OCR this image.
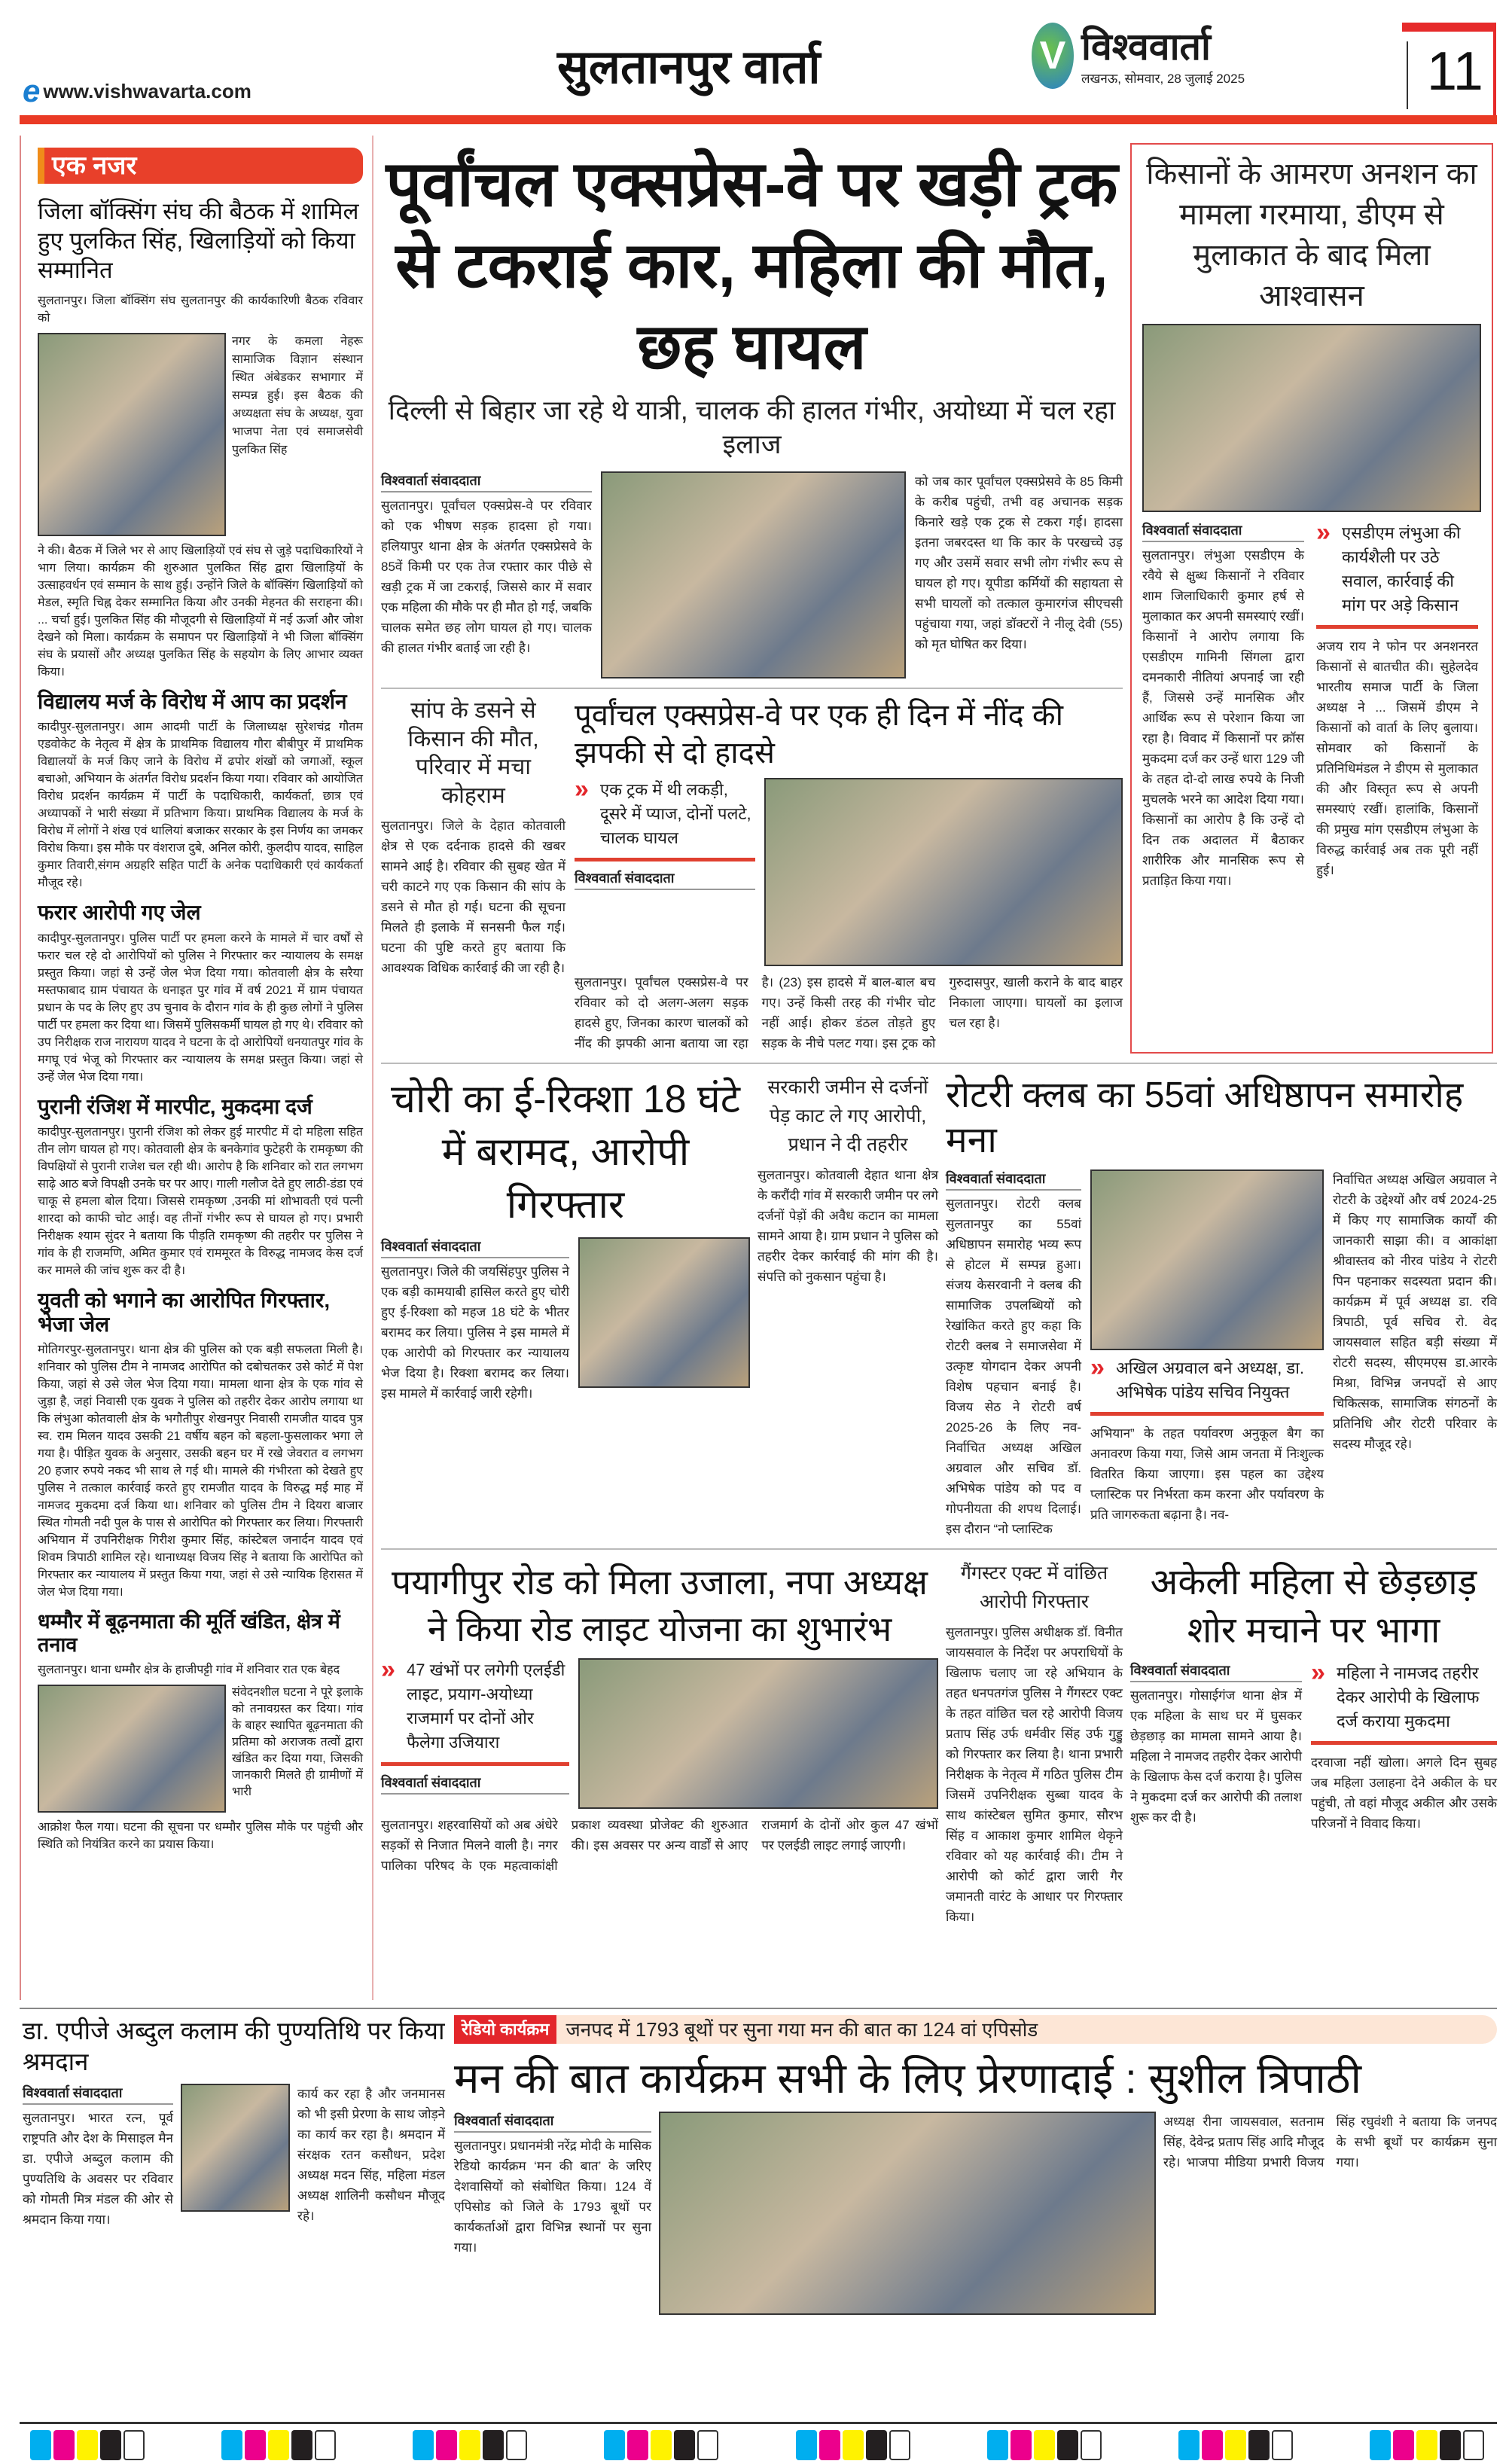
e www.vishwavarta.com	सुलतानपुर वार्ता	V विश्ववार्ता
लखनऊ, सोमवार, 28 जुलाई 2025	11
एक नजर
जिला बॉक्सिंग संघ की बैठक में शामिल हुए पुलकित सिंह, खिलाड़ियों को किया सम्मानित
सुलतानपुर। जिला बॉक्सिंग संघ सुलतानपुर की कार्यकारिणी बैठक रविवार को
नगर के कमला नेहरू सामाजिक विज्ञान संस्थान स्थित अंबेडकर सभागार में सम्पन्न हुई। इस बैठक की अध्यक्षता संघ के अध्यक्ष, युवा भाजपा नेता एवं समाजसेवी पुलकित सिंह
ने की। बैठक में जिले भर से आए खिलाड़ियों एवं संघ से जुड़े पदाधिकारियों ने भाग लिया। कार्यक्रम की शुरुआत पुलकित सिंह द्वारा खिलाड़ियों के उत्साहवर्धन एवं सम्मान के साथ हुई। उन्होंने जिले के बॉक्सिंग खिलाड़ियों को मेडल, स्मृति चिह्न देकर सम्मानित किया और उनकी मेहनत की सराहना की। ... चर्चा हुई। पुलकित सिंह की मौजूदगी से खिलाड़ियों में नई ऊर्जा और जोश देखने को मिला। कार्यक्रम के समापन पर खिलाड़ियों ने भी जिला बॉक्सिंग संघ के प्रयासों और अध्यक्ष पुलकित सिंह के सहयोग के लिए आभार व्यक्त किया।
विद्यालय मर्ज के विरोध में आप का प्रदर्शन
कादीपुर-सुलतानपुर। आम आदमी पार्टी के जिलाध्यक्ष सुरेशचंद्र गौतम एडवोकेट के नेतृत्व में क्षेत्र के प्राथमिक विद्यालय गौरा बीबीपुर में प्राथमिक विद्यालयों के मर्ज किए जाने के विरोध में ढपोर शंखों को जगाओं, स्कूल बचाओ, अभियान के अंतर्गत विरोध प्रदर्शन किया गया। रविवार को आयोजित विरोध प्रदर्शन कार्यक्रम में पार्टी के पदाधिकारी, कार्यकर्ता, छात्र एवं अध्यापकों ने भारी संख्या में प्रतिभाग किया। प्राथमिक विद्यालय के मर्ज के विरोध में लोगों ने शंख एवं थालियां बजाकर सरकार के इस निर्णय का जमकर विरोध किया। इस मौके पर वंशराज दुबे, अनिल कोरी, कुलदीप यादव, साहिल कुमार तिवारी,संगम अग्रहरि सहित पार्टी के अनेक पदाधिकारी एवं कार्यकर्ता मौजूद रहे।
फरार आरोपी गए जेल
कादीपुर-सुलतानपुर। पुलिस पार्टी पर हमला करने के मामले में चार वर्षों से फरार चल रहे दो आरोपियों को पुलिस ने गिरफ्तार कर न्यायालय के समक्ष प्रस्तुत किया। जहां से उन्हें जेल भेज दिया गया। कोतवाली क्षेत्र के सरैया मस्तफाबाद ग्राम पंचायत के धनाइत पुर गांव में वर्ष 2021 में ग्राम पंचायत प्रधान के पद के लिए हुए उप चुनाव के दौरान गांव के ही कुछ लोगों ने पुलिस पार्टी पर हमला कर दिया था। जिसमें पुलिसकर्मी घायल हो गए थे। रविवार को उप निरीक्षक राज नारायण यादव ने घटना के दो आरोपियों धनयातपुर गांव के मगघू एवं भेजू को गिरफ्तार कर न्यायालय के समक्ष प्रस्तुत किया। जहां से उन्हें जेल भेज दिया गया।
पुरानी रंजिश में मारपीट, मुकदमा दर्ज
कादीपुर-सुलतानपुर। पुरानी रंजिश को लेकर हुई मारपीट में दो महिला सहित तीन लोग घायल हो गए। कोतवाली क्षेत्र के बनकेगांव फुटेहरी के रामकृष्ण की विपक्षियों से पुरानी राजेश चल रही थी। आरोप है कि शनिवार को रात लगभग साढ़े आठ बजे विपक्षी उनके घर पर आए। गाली गलौज देते हुए लाठी-डंडा एवं चाकू से हमला बोल दिया। जिससे रामकृष्ण ,उनकी मां शोभावती एवं पत्नी शारदा को काफी चोट आई। वह तीनों गंभीर रूप से घायल हो गए। प्रभारी निरीक्षक श्याम सुंदर ने बताया कि पीड़ति रामकृष्ण की तहरीर पर पुलिस ने गांव के ही राजमणि, अमित कुमार एवं राममूरत के विरुद्ध नामजद केस दर्ज कर मामले की जांच शुरू कर दी है।
युवती को भगाने का आरोपित गिरफ्तार, भेजा जेल
मोतिगरपुर-सुलतानपुर। थाना क्षेत्र की पुलिस को एक बड़ी सफलता मिली है। शनिवार को पुलिस टीम ने नामजद आरोपित को दबोचतकर उसे कोर्ट में पेश किया, जहां से उसे जेल भेज दिया गया। मामला थाना क्षेत्र के एक गांव से जुड़ा है, जहां निवासी एक युवक ने पुलिस को तहरीर देकर आरोप लगाया था कि लंभुआ कोतवाली क्षेत्र के भगौतीपुर शेखनपुर निवासी रामजीत यादव पुत्र स्व. राम मिलन यादव उसकी 21 वर्षीय बहन को बहला-फुसलाकर भगा ले गया है। पीड़ित युवक के अनुसार, उसकी बहन घर में रखे जेवरात व लगभग 20 हजार रुपये नकद भी साथ ले गई थी। मामले की गंभीरता को देखते हुए पुलिस ने तत्काल कार्रवाई करते हुए रामजीत यादव के विरुद्ध मई माह में नामजद मुकदमा दर्ज किया था। शनिवार को पुलिस टीम ने दियरा बाजार स्थित गोमती नदी पुल के पास से आरोपित को गिरफ्तार कर लिया। गिरफ्तारी अभियान में उपनिरीक्षक गिरीश कुमार सिंह, कांस्टेबल जनार्दन यादव एवं शिवम त्रिपाठी शामिल रहे। थानाध्यक्ष विजय सिंह ने बताया कि आरोपित को गिरफ्तार कर न्यायालय में प्रस्तुत किया गया, जहां से उसे न्यायिक हिरासत में जेल भेज दिया गया।
धम्मौर में बूढ़नमाता की मूर्ति खंडित, क्षेत्र में तनाव
सुलतानपुर। थाना धम्मौर क्षेत्र के हाजीपट्टी गांव में शनिवार रात एक बेहद
संवेदनशील घटना ने पूरे इलाके को तनावग्रस्त कर दिया। गांव के बाहर स्थापित बूढ़नमाता की प्रतिमा को अराजक तत्वों द्वारा खंडित कर दिया गया, जिसकी जानकारी मिलते ही ग्रामीणों में भारी
आक्रोश फैल गया। घटना की सूचना पर धम्मौर पुलिस मौके पर पहुंची और स्थिति को नियंत्रित करने का प्रयास किया।
पूर्वांचल एक्सप्रेस-वे पर खड़ी ट्रक से टकराई कार, महिला की मौत, छह घायल
दिल्ली से बिहार जा रहे थे यात्री, चालक की हालत गंभीर, अयोध्या में चल रहा इलाज
विश्ववार्ता संवाददाता
सुलतानपुर। पूर्वांचल एक्सप्रेस-वे पर रविवार को एक भीषण सड़क हादसा हो गया। हलियापुर थाना क्षेत्र के अंतर्गत एक्सप्रेसवे के 85वें किमी पर एक तेज रफ्तार कार पीछे से खड़ी ट्रक में जा टकराई, जिससे कार में सवार एक महिला की मौके पर ही मौत हो गई, जबकि चालक समेत छह लोग घायल हो गए। चालक की हालत गंभीर बताई जा रही है।
को जब कार पूर्वांचल एक्सप्रेसवे के 85 किमी के करीब पहुंची, तभी वह अचानक सड़क किनारे खड़े एक ट्रक से टकरा गई। हादसा इतना जबरदस्त था कि कार के परखच्चे उड़ गए और उसमें सवार सभी लोग गंभीर रूप से घायल हो गए। यूपीडा कर्मियों की सहायता से सभी घायलों को तत्काल कुमारगंज सीएचसी पहुंचाया गया, जहां डॉक्टरों ने नीलू देवी (55) को मृत घोषित कर दिया।
सांप के डसने से किसान की मौत, परिवार में मचा कोहराम
सुलतानपुर। जिले के देहात कोतवाली क्षेत्र से एक दर्दनाक हादसे की खबर सामने आई है। रविवार की सुबह खेत में चरी काटने गए एक किसान की सांप के डसने से मौत हो गई। घटना की सूचना मिलते ही इलाके में सनसनी फैल गई। घटना की पुष्टि करते हुए बताया कि आवश्यक विधिक कार्रवाई की जा रही है।
पूर्वांचल एक्सप्रेस-वे पर एक ही दिन में नींद की झपकी से दो हादसे
» एक ट्रक में थी लकड़ी, दूसरे में प्याज, दोनों पलटे, चालक घायल
विश्ववार्ता संवाददाता
सुलतानपुर। पूर्वांचल एक्सप्रेस-वे पर रविवार को दो अलग-अलग सड़क हादसे हुए, जिनका कारण चालकों को नींद की झपकी आना बताया जा रहा है। (23) इस हादसे में बाल-बाल बच गए। उन्हें किसी तरह की गंभीर चोट नहीं आई। होकर डंठल तोड़ते हुए सड़क के नीचे पलट गया। इस ट्रक को गुरुदासपुर, खाली कराने के बाद बाहर निकाला जाएगा। घायलों का इलाज चल रहा है।
किसानों के आमरण अनशन का मामला गरमाया, डीएम से मुलाकात के बाद मिला आश्वासन
विश्ववार्ता संवाददाता
सुलतानपुर। लंभुआ एसडीएम के रवैये से क्षुब्ध किसानों ने रविवार शाम जिलाधिकारी कुमार हर्ष से मुलाकात कर अपनी समस्याएं रखीं। किसानों ने आरोप लगाया कि एसडीएम गामिनी सिंगला द्वारा दमनकारी नीतियां अपनाई जा रही हैं, जिससे उन्हें मानसिक और आर्थिक रूप से परेशान किया जा रहा है। विवाद में किसानों पर क्रॉस मुकदमा दर्ज कर उन्हें धारा 129 जी के तहत दो-दो लाख रुपये के निजी मुचलके भरने का आदेश दिया गया। किसानों का आरोप है कि उन्हें दो दिन तक अदालत में बैठाकर शारीरिक और मानसिक रूप से प्रताड़ित किया गया।
» एसडीएम लंभुआ की कार्यशैली पर उठे सवाल, कार्रवाई की मांग पर अड़े किसान
अजय राय ने फोन पर अनशनरत किसानों से बातचीत की। सुहेलदेव भारतीय समाज पार्टी के जिला अध्यक्ष ने ... जिसमें डीएम ने किसानों को वार्ता के लिए बुलाया। सोमवार को किसानों के प्रतिनिधिमंडल ने डीएम से मुलाकात की और विस्तृत रूप से अपनी समस्याएं रखीं। हालांकि, किसानों की प्रमुख मांग एसडीएम लंभुआ के विरुद्ध कार्रवाई अब तक पूरी नहीं हुई।
चोरी का ई-रिक्शा 18 घंटे में बरामद, आरोपी गिरफ्तार
विश्ववार्ता संवाददाता
सुलतानपुर। जिले की जयसिंहपुर पुलिस ने एक बड़ी कामयाबी हासिल करते हुए चोरी हुए ई-रिक्शा को महज 18 घंटे के भीतर बरामद कर लिया। पुलिस ने इस मामले में एक आरोपी को गिरफ्तार कर न्यायालय भेज दिया है। रिक्शा बरामद कर लिया। इस मामले में कार्रवाई जारी रहेगी।
सरकारी जमीन से दर्जनों पेड़ काट ले गए आरोपी, प्रधान ने दी तहरीर
सुलतानपुर। कोतवाली देहात थाना क्षेत्र के करौंदी गांव में सरकारी जमीन पर लगे दर्जनों पेड़ों की अवैध कटान का मामला सामने आया है। ग्राम प्रधान ने पुलिस को तहरीर देकर कार्रवाई की मांग की है। संपत्ति को नुकसान पहुंचा है।
रोटरी क्लब का 55वां अधिष्ठापन समारोह मना
विश्ववार्ता संवाददाता
सुलतानपुर। रोटरी क्लब सुलतानपुर का 55वां अधिष्ठापन समारोह भव्य रूप से होटल में सम्पन्न हुआ। संजय केसरवानी ने क्लब की सामाजिक उपलब्धियों को रेखांकित करते हुए कहा कि रोटरी क्लब ने समाजसेवा में उत्कृष्ट योगदान देकर अपनी विशेष पहचान बनाई है। विजय सेठ ने रोटरी वर्ष 2025-26 के लिए नव-निर्वाचित अध्यक्ष अखिल अग्रवाल और सचिव डॉ. अभिषेक पांडेय को पद व गोपनीयता की शपथ दिलाई। इस दौरान “नो प्लास्टिक
» अखिल अग्रवाल बने अध्यक्ष, डा. अभिषेक पांडेय सचिव नियुक्त
अभियान” के तहत पर्यावरण अनुकूल बैग का अनावरण किया गया, जिसे आम जनता में निःशुल्क वितरित किया जाएगा। इस पहल का उद्देश्य प्लास्टिक पर निर्भरता कम करना और पर्यावरण के प्रति जागरुकता बढ़ाना है। नव-
निर्वाचित अध्यक्ष अखिल अग्रवाल ने रोटरी के उद्देश्यों और वर्ष 2024-25 में किए गए सामाजिक कार्यों की जानकारी साझा की। व आकांक्षा श्रीवास्तव को नीरव पांडेय ने रोटरी पिन पहनाकर सदस्यता प्रदान की। कार्यक्रम में पूर्व अध्यक्ष डा. रवि त्रिपाठी, पूर्व सचिव रो. वेद जायसवाल सहित बड़ी संख्या में रोटरी सदस्य, सीएमएस डा.आरके मिश्रा, विभिन्न जनपदों से आए चिकित्सक, सामाजिक संगठनों के प्रतिनिधि और रोटरी परिवार के सदस्य मौजूद रहे।
पयागीपुर रोड को मिला उजाला, नपा अध्यक्ष ने किया रोड लाइट योजना का शुभारंभ
» 47 खंभों पर लगेगी एलईडी लाइट, प्रयाग-अयोध्या राजमार्ग पर दोनों ओर फैलेगा उजियारा
विश्ववार्ता संवाददाता
सुलतानपुर। शहरवासियों को अब अंधेरे सड़कों से निजात मिलने वाली है। नगर पालिका परिषद के एक महत्वाकांक्षी प्रकाश व्यवस्था प्रोजेक्ट की शुरुआत की। इस अवसर पर अन्य वार्डों से आए राजमार्ग के दोनों ओर कुल 47 खंभों पर एलईडी लाइट लगाई जाएगी।
गैंगस्टर एक्ट में वांछित आरोपी गिरफ्तार
सुलतानपुर। पुलिस अधीक्षक डॉ. विनीत जायसवाल के निर्देश पर अपराधियों के खिलाफ चलाए जा रहे अभियान के तहत धनपतगंज पुलिस ने गैंगस्टर एक्ट के तहत वांछित चल रहे आरोपी विजय प्रताप सिंह उर्फ धर्मवीर सिंह उर्फ गुड्डु को गिरफ्तार कर लिया है। थाना प्रभारी निरीक्षक के नेतृत्व में गठित पुलिस टीम जिसमें उपनिरीक्षक सुब्बा यादव के साथ कांस्टेबल सुमित कुमार, सौरभ सिंह व आकाश कुमार शामिल थेकृने रविवार को यह कार्रवाई की। टीम ने आरोपी को कोर्ट द्वारा जारी गैर जमानती वारंट के आधार पर गिरफ्तार किया।
अकेली महिला से छेड़छाड़ शोर मचाने पर भागा
विश्ववार्ता संवाददाता
सुलतानपुर। गोसाईगंज थाना क्षेत्र में एक महिला के साथ घर में घुसकर छेड़छाड़ का मामला सामने आया है। महिला ने नामजद तहरीर देकर आरोपी के खिलाफ केस दर्ज कराया है। पुलिस ने मुकदमा दर्ज कर आरोपी की तलाश शुरू कर दी है।
» महिला ने नामजद तहरीर देकर आरोपी के खिलाफ दर्ज कराया मुकदमा
दरवाजा नहीं खोला। अगले दिन सुबह जब महिला उलाहना देने अकील के घर पहुंची, तो वहां मौजूद अकील और उसके परिजनों ने विवाद किया।
डा. एपीजे अब्दुल कलाम की पुण्यतिथि पर किया श्रमदान
विश्ववार्ता संवाददाता
सुलतानपुर। भारत रत्न, पूर्व राष्ट्रपति और देश के मिसाइल मैन डा. एपीजे अब्दुल कलाम की पुण्यतिथि के अवसर पर रविवार को गोमती मित्र मंडल की ओर से श्रमदान किया गया।
कार्य कर रहा है और जनमानस को भी इसी प्रेरणा के साथ जोड़ने का कार्य कर रहा है। श्रमदान में संरक्षक रतन कसौधन, प्रदेश अध्यक्ष मदन सिंह, महिला मंडल अध्यक्ष शालिनी कसौधन मौजूद रहे।
रेडियो कार्यक्रम जनपद में 1793 बूथों पर सुना गया मन की बात का 124 वां एपिसोड
मन की बात कार्यक्रम सभी के लिए प्रेरणादाई : सुशील त्रिपाठी
विश्ववार्ता संवाददाता
सुलतानपुर। प्रधानमंत्री नरेंद्र मोदी के मासिक रेडियो कार्यक्रम ‘मन की बात’ के जरिए देशवासियों को संबोधित किया। 124 वें एपिसोड को जिले के 1793 बूथों पर कार्यकर्ताओं द्वारा विभिन्न स्थानों पर सुना गया।
अध्यक्ष रीना जायसवाल, सतनाम सिंह, देवेन्द्र प्रताप सिंह आदि मौजूद रहे। भाजपा मीडिया प्रभारी विजय सिंह रघुवंशी ने बताया कि जनपद के सभी बूथों पर कार्यक्रम सुना गया।
